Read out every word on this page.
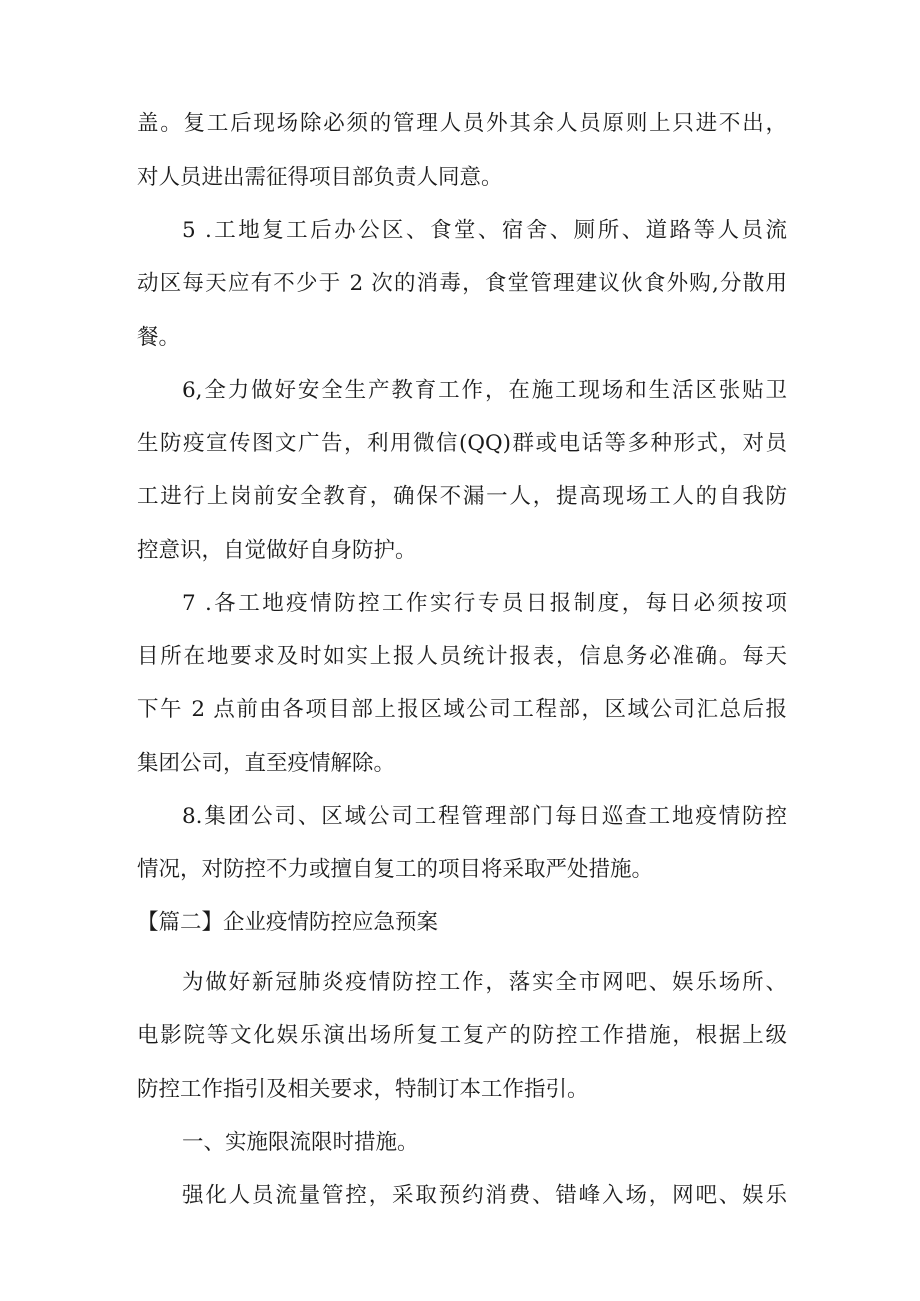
盖。复工后现场除必须的管理人员外其余人员原则上只进不出，
对人员进出需征得项目部负责人同意。
5 .工地复工后办公区、食堂、宿舍、厕所、道路等人员流
动区每天应有不少于 2 次的消毒，食堂管理建议伙食外购,分散用
餐。
6,全力做好安全生产教育工作，在施工现场和生活区张贴卫
生防疫宣传图文广告，利用微信(QQ)群或电话等多种形式，对员
工进行上岗前安全教育，确保不漏一人，提高现场工人的自我防
控意识，自觉做好自身防护。
7 .各工地疫情防控工作实行专员日报制度，每日必须按项
目所在地要求及时如实上报人员统计报表，信息务必准确。每天
下午 2 点前由各项目部上报区域公司工程部，区域公司汇总后报
集团公司，直至疫情解除。
8.集团公司、区域公司工程管理部门每日巡查工地疫情防控
情况，对防控不力或擅自复工的项目将采取严处措施。
【篇二】企业疫情防控应急预案
为做好新冠肺炎疫情防控工作，落实全市网吧、娱乐场所、
电影院等文化娱乐演出场所复工复产的防控工作措施，根据上级
防控工作指引及相关要求，特制订本工作指引。
一、实施限流限时措施。
强化人员流量管控，采取预约消费、错峰入场，网吧、娱乐
